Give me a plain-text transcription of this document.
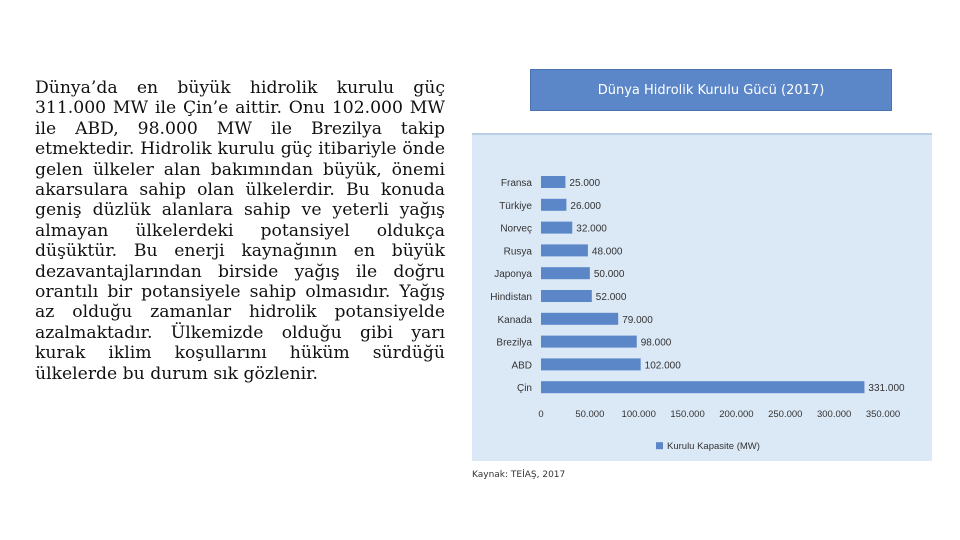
Dünya’da en büyük hidrolik kurulu güç 311.000 MW ile Çin’e aittir. Onu 102.000 MW ile ABD, 98.000 MW ile Brezilya takip etmektedir. Hidrolik kurulu güç itibariyle önde gelen ülkeler alan bakımından büyük, önemi akarsulara sahip olan ülkelerdir. Bu konuda geniş düzlük alanlara sahip ve yeterli yağış almayan ülkelerdeki potansiyel oldukça düşüktür. Bu enerji kaynağının en büyük dezavantajlarından birside yağış ile doğru orantılı bir potansiyele sahip olmasıdır. Yağış az olduğu zamanlar hidrolik potansiyelde azalmaktadır. Ülkemizde olduğu gibi yarı kurak iklim koşullarını hüküm sürdüğü ülkelerde bu durum sık gözlenir.
Dünya Hidrolik Kurulu Gücü (2017)
Fransa	25.000
Türkiye	26.000
Norveç	32.000
Rusya	48.000
Japonya	50.000
Hindistan	52.000
Kanada	79.000
Brezilya	98.000
ABD	102.000
Çin	331.000
0	50.000 100.000 150.000 200.000 250.000 300.000 350.000
Kurulu Kapasite (MW)
Kaynak: TEİAŞ, 2017
